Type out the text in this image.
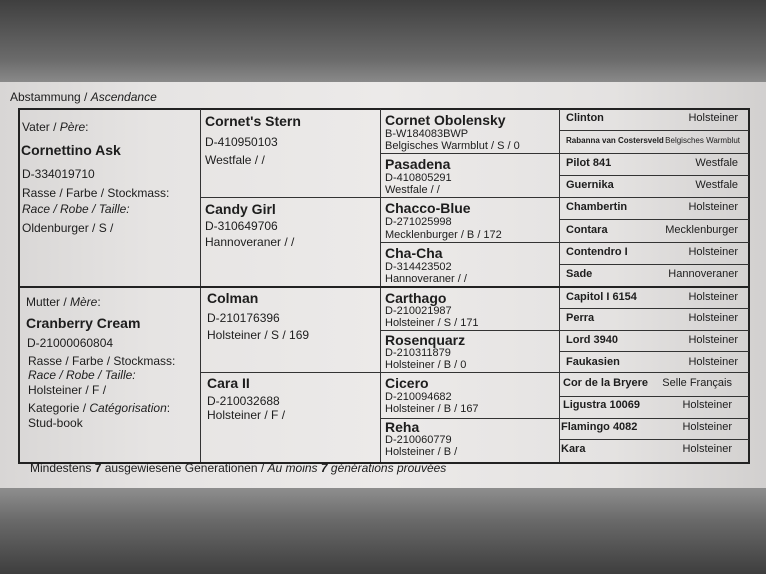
Abstammung / Ascendance
Vater / Père:
Cornettino Ask
D-334019710
Rasse / Farbe / Stockmass:
Race / Robe / Taille:
Oldenburger / S /
Mutter / Mère:
Cranberry Cream
D-21000060804
Rasse / Farbe / Stockmass:
Race / Robe / Taille:
Holsteiner / F /
Kategorie / Catégorisation:
Stud-book
Cornet's Stern
D-410950103
Westfale / /
Candy Girl
D-310649706
Hannoveraner / /
Colman
D-210176396
Holsteiner / S / 169
Cara II
D-210032688
Holsteiner / F /
Cornet Obolensky
B-W184083BWP
Belgisches Warmblut / S / 0
Pasadena
D-410805291
Westfale / /
Chacco-Blue
D-271025998
Mecklenburger / B / 172
Cha-Cha
D-314423502
Hannoveraner / /
Carthago
D-210021987
Holsteiner / S / 171
Rosenquarz
D-210311879
Holsteiner / B / 0
Cicero
D-210094682
Holsteiner / B / 167
Reha
D-210060779
Holsteiner / B /
Clinton	Holsteiner
Rabanna van Costersveld Belgisches Warmblut
Pilot 841	Westfale
Guernika	Westfale
Chambertin	Holsteiner
Contara	Mecklenburger
Contendro I	Holsteiner
Sade	Hannoveraner
Capitol I 6154	Holsteiner
Perra	Holsteiner
Lord 3940	Holsteiner
Faukasien	Holsteiner
Cor de la Bryere Selle Français
Ligustra 10069	Holsteiner
Flamingo 4082	Holsteiner
Kara	Holsteiner
Mindestens 7 ausgewiesene Generationen / Au moins 7 générations prouvées
